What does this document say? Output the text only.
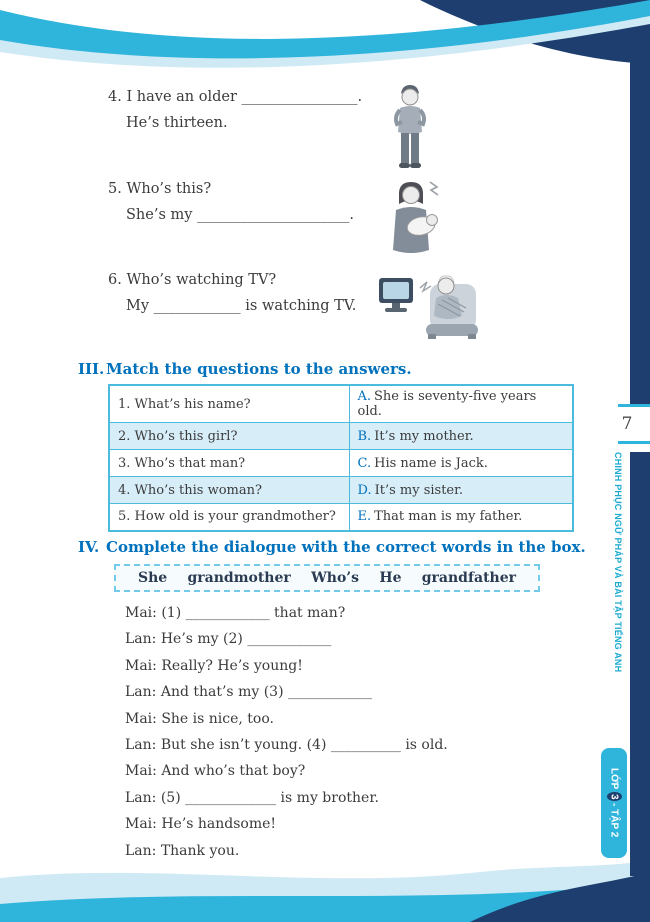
7
CHINH PHỤC NGỮ PHÁP VÀ BÀI TẬP TIẾNG ANH
LỚP
3
- TẬP 2
4. I have an older ________________.
He’s thirteen.
5. Who’s this?
She’s my _____________________.
6. Who’s watching TV?
My ____________ is watching TV.
III. Match the questions to the answers.
1. What’s his name?	A. She is seventy-five years old.
2. Who’s this girl?	B. It’s my mother.
3. Who’s that man?	C. His name is Jack.
4. Who’s this woman?	D. It’s my sister.
5. How old is your grandmother?	E. That man is my father.
IV. Complete the dialogue with the correct words in the box.
She grandmother Who’s He grandfather
Mai: (1) ____________ that man?
Lan: He’s my (2) ____________
Mai: Really? He’s young!
Lan: And that’s my (3) ____________
Mai: She is nice, too.
Lan: But she isn’t young. (4) __________ is old.
Mai: And who’s that boy?
Lan: (5) _____________ is my brother.
Mai: He’s handsome!
Lan: Thank you.
